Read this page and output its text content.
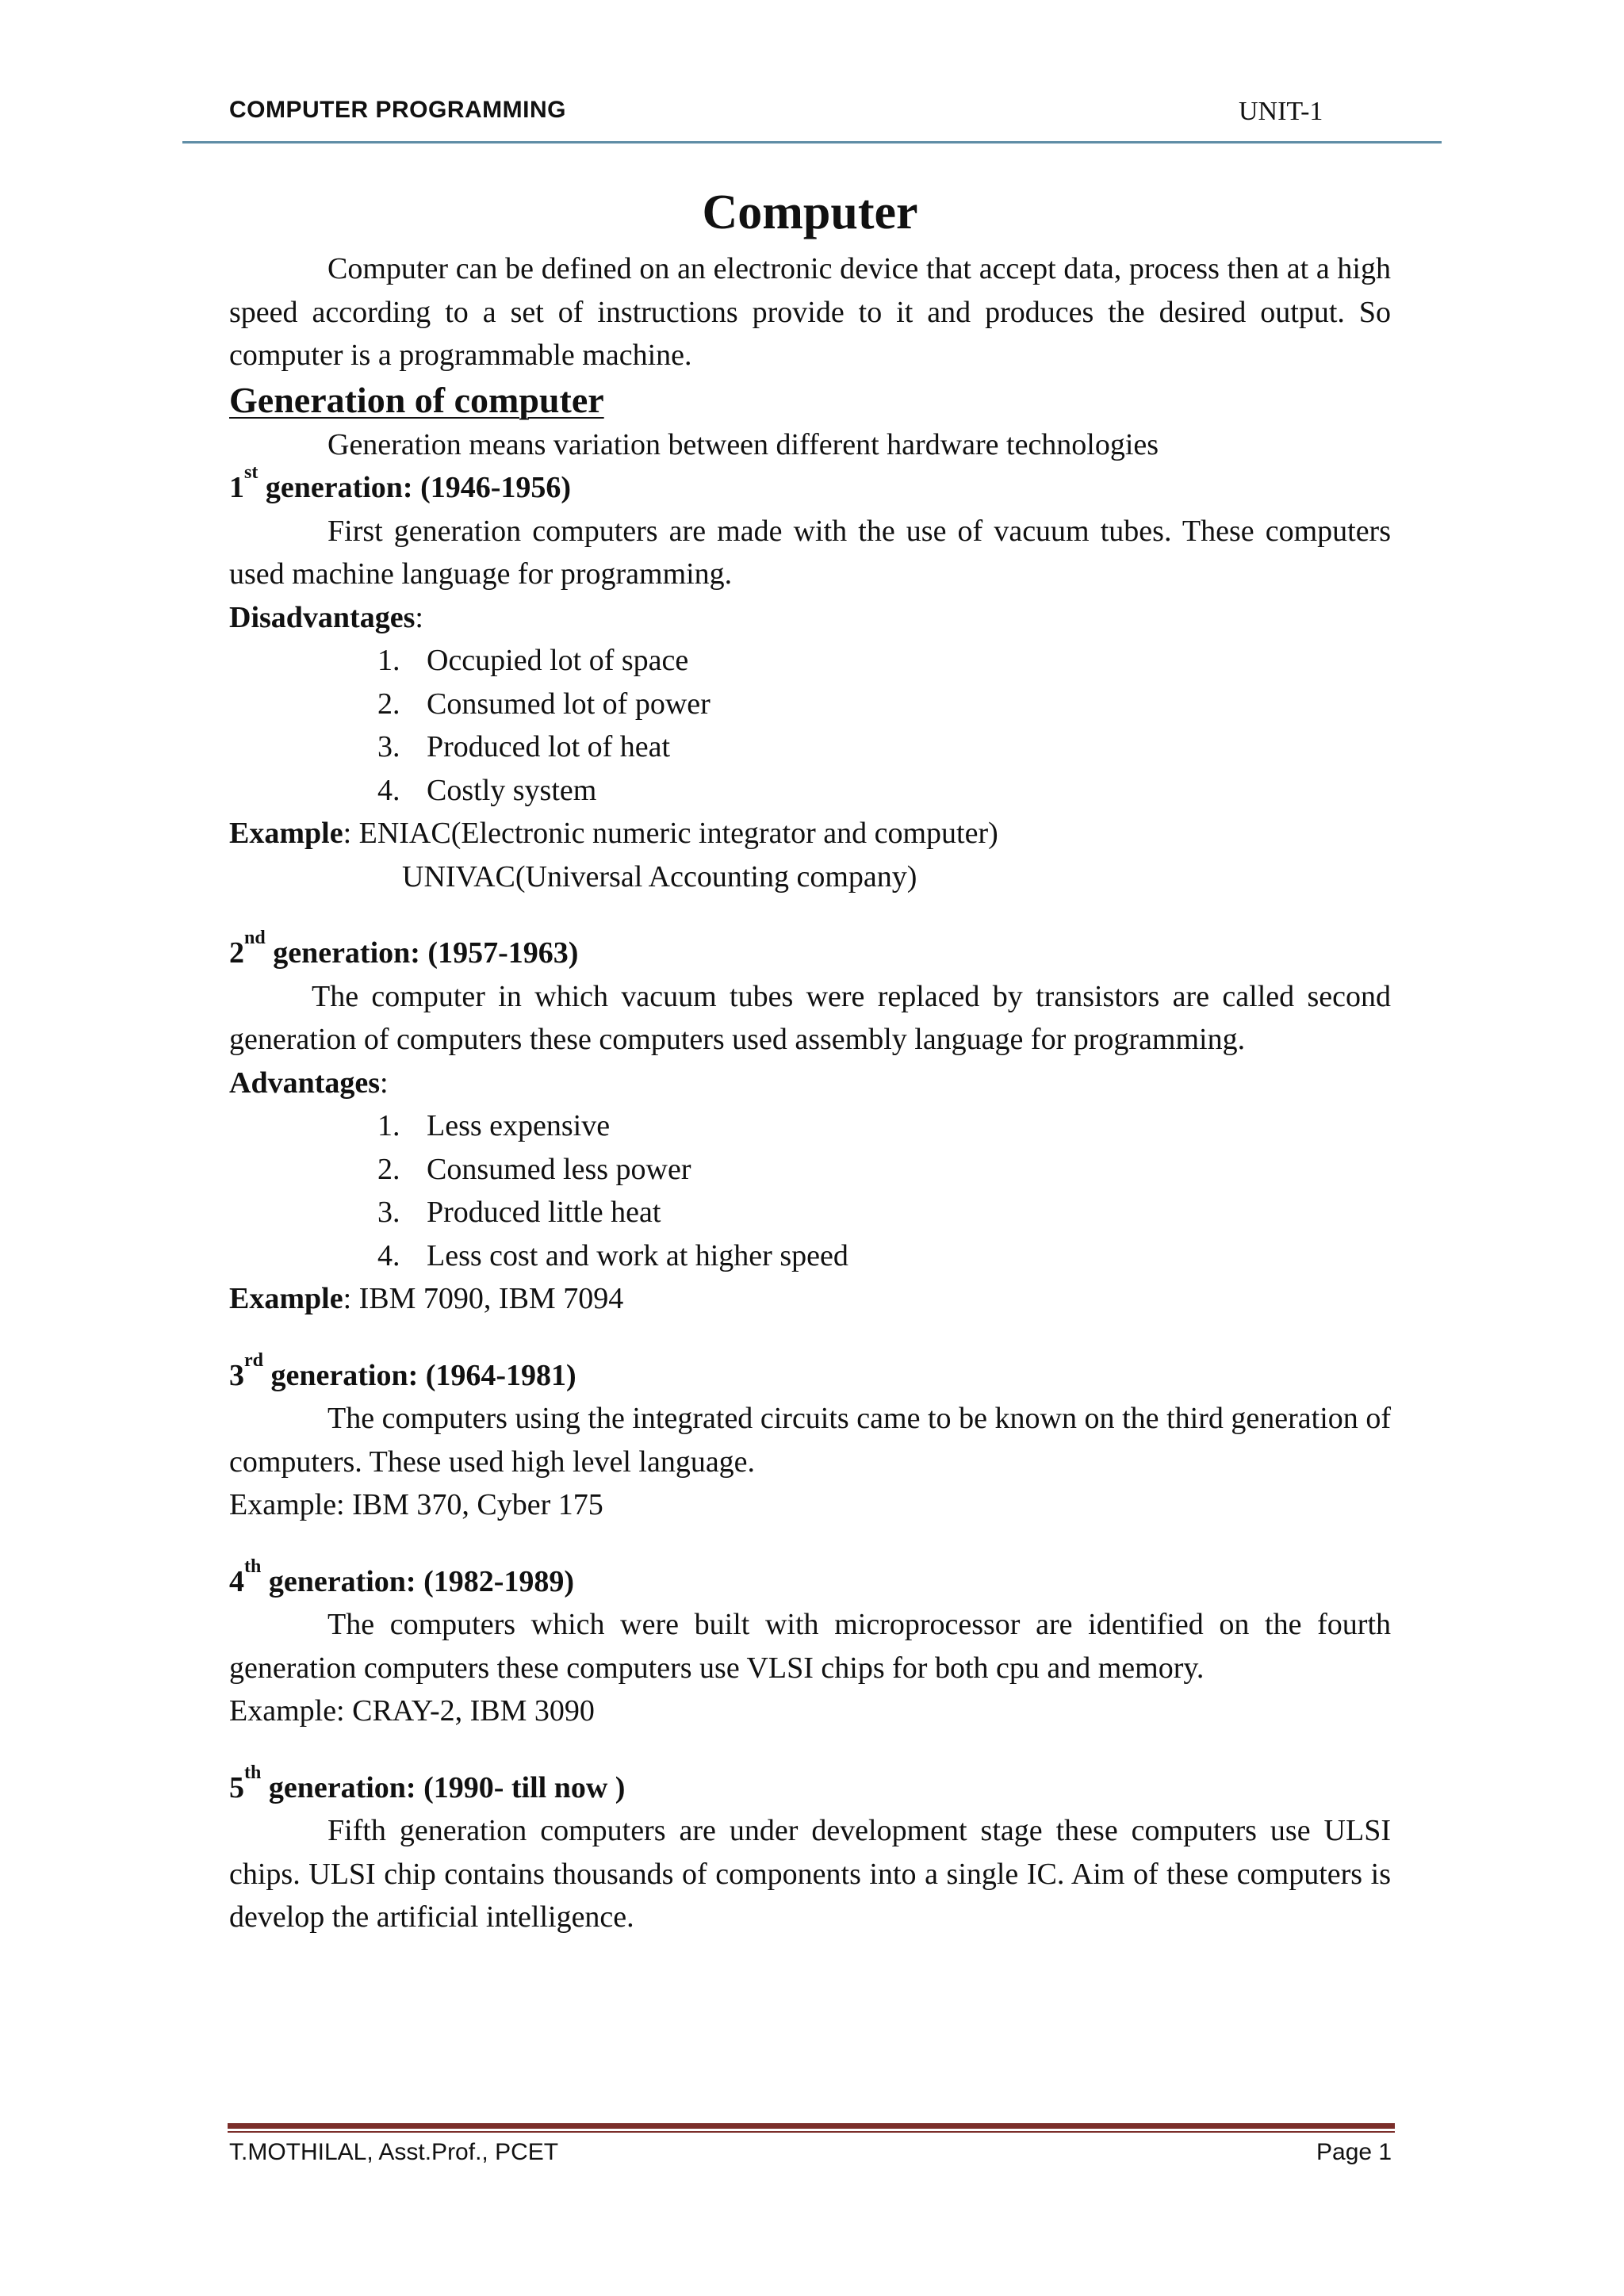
COMPUTER PROGRAMMING	UNIT-1
Computer

Computer can be defined on an electronic device that accept data, process then at a high speed according to a set of instructions provide to it and produces the desired output. So computer is a programmable machine.

Generation of computer

Generation means variation between different hardware technologies

1st generation: (1946-1956)

First generation computers are made with the use of vacuum tubes. These computers used machine language for programming.

Disadvantages:

1. Occupied lot of space
2. Consumed lot of power
3. Produced lot of heat
4. Costly system

Example: ENIAC(Electronic numeric integrator and computer)

UNIVAC(Universal Accounting company)

2nd generation: (1957-1963)

The computer in which vacuum tubes were replaced by transistors are called second generation of computers these computers used assembly language for programming.

Advantages:

1. Less expensive
2. Consumed less power
3. Produced little heat
4. Less cost and work at higher speed

Example: IBM 7090, IBM 7094

3rd generation: (1964-1981)

The computers using the integrated circuits came to be known on the third generation of computers. These used high level language.

Example: IBM 370, Cyber 175

4th generation: (1982-1989)

The computers which were built with microprocessor are identified on the fourth generation computers these computers use VLSI chips for both cpu and memory.

Example: CRAY-2, IBM 3090

5th generation: (1990- till now )

Fifth generation computers are under development stage these computers use ULSI chips. ULSI chip contains thousands of components into a single IC. Aim of these computers is develop the artificial intelligence.

T.MOTHILAL, Asst.Prof., PCET	Page 1
